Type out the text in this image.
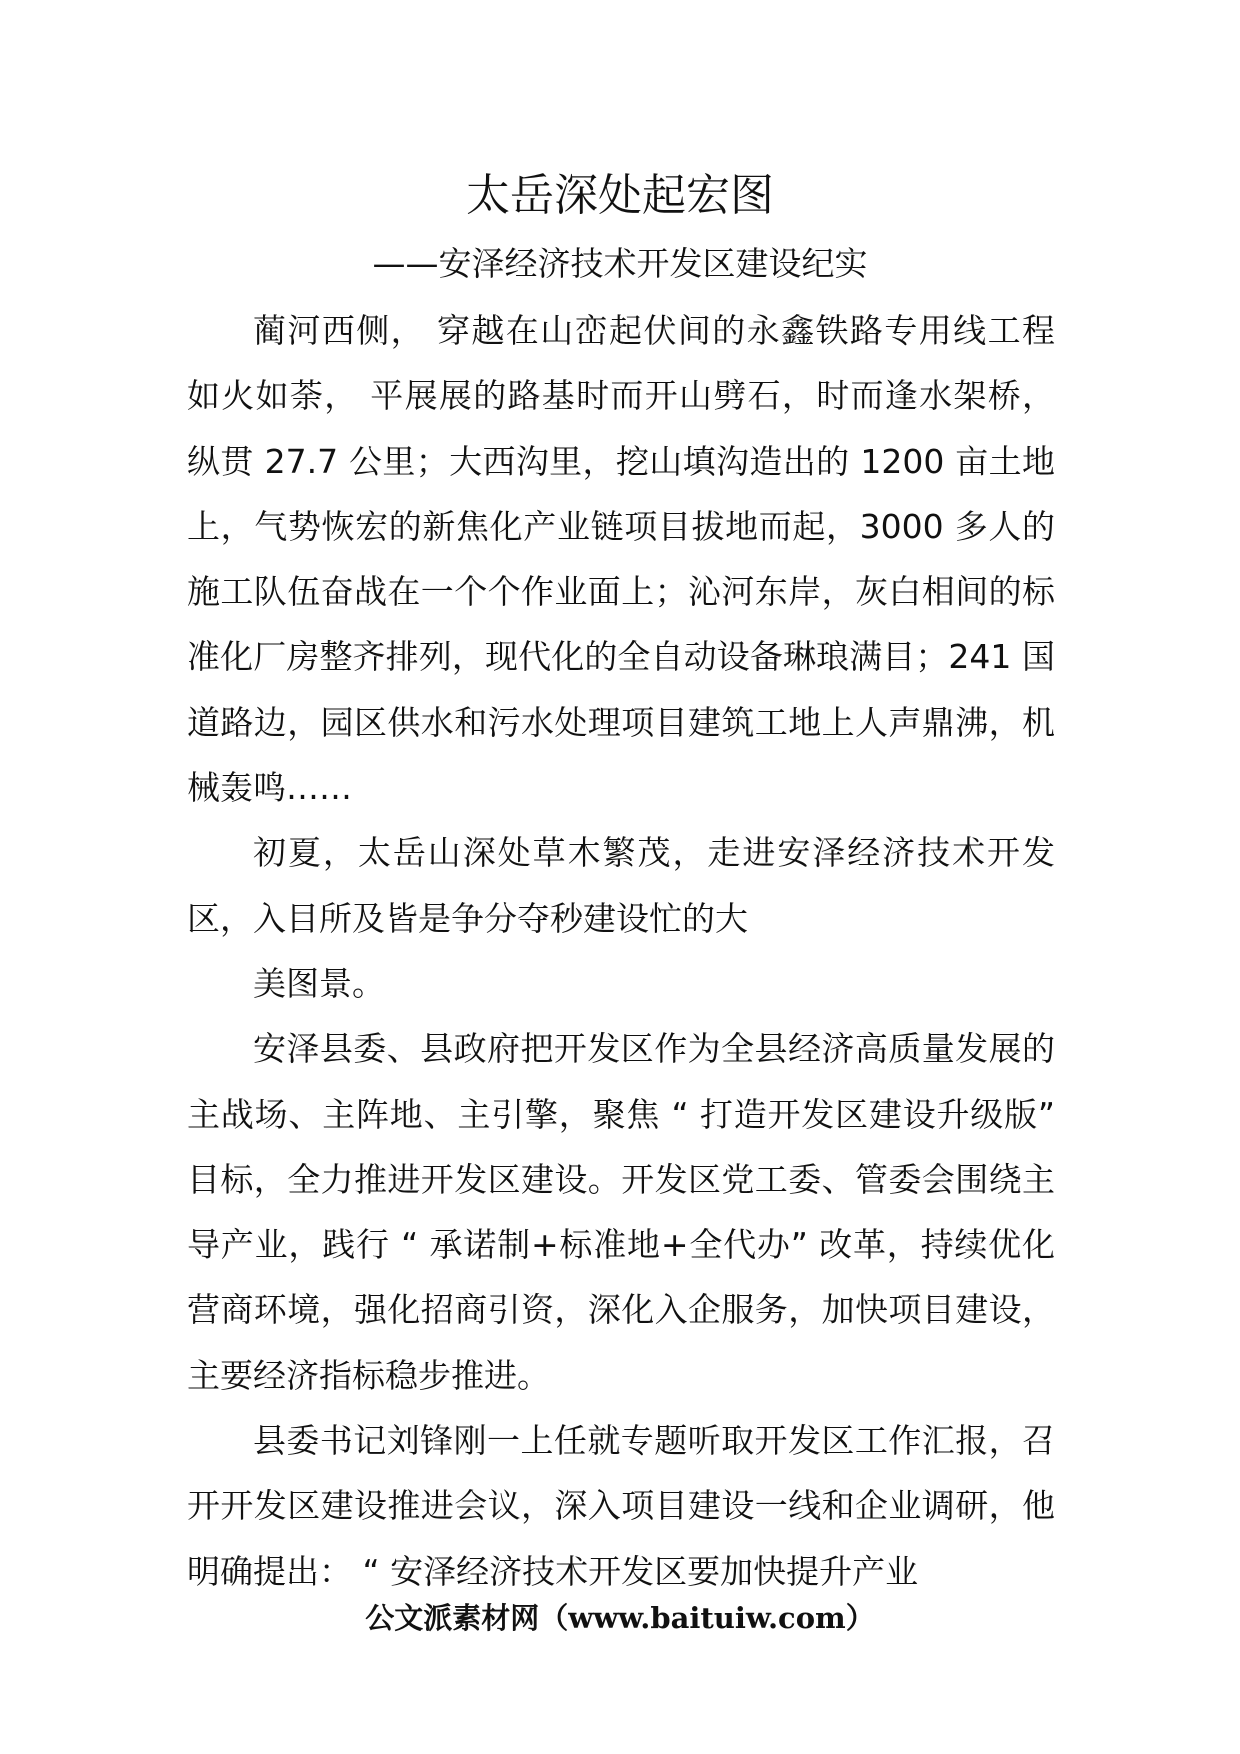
太岳深处起宏图
——安泽经济技术开发区建设纪实

蔺河西侧， 穿越在山峦起伏间的永鑫铁路专用线工程如火如荼， 平展展的路基时而开山劈石，时而逢水架桥，纵贯 27.7 公里；大西沟里，挖山填沟造出的 1200 亩土地上，气势恢宏的新焦化产业链项目拔地而起，3000 多人的施工队伍奋战在一个个作业面上；沁河东岸，灰白相间的标准化厂房整齐排列，现代化的全自动设备琳琅满目；241 国道路边，园区供水和污水处理项目建筑工地上人声鼎沸，机械轰鸣……

初夏，太岳山深处草木繁茂，走进安泽经济技术开发区，入目所及皆是争分夺秒建设忙的大

美图景。

安泽县委、县政府把开发区作为全县经济高质量发展的主战场、主阵地、主引擎，聚焦 “ 打造开发区建设升级版” 目标，全力推进开发区建设。开发区党工委、管委会围绕主导产业，践行 “ 承诺制+标准地+全代办” 改革，持续优化营商环境，强化招商引资，深化入企服务，加快项目建设，主要经济指标稳步推进。

县委书记刘锋刚一上任就专题听取开发区工作汇报，召开开发区建设推进会议，深入项目建设一线和企业调研，他明确提出： “ 安泽经济技术开发区要加快提升产业

公文派素材网（www.baituiw.com）
